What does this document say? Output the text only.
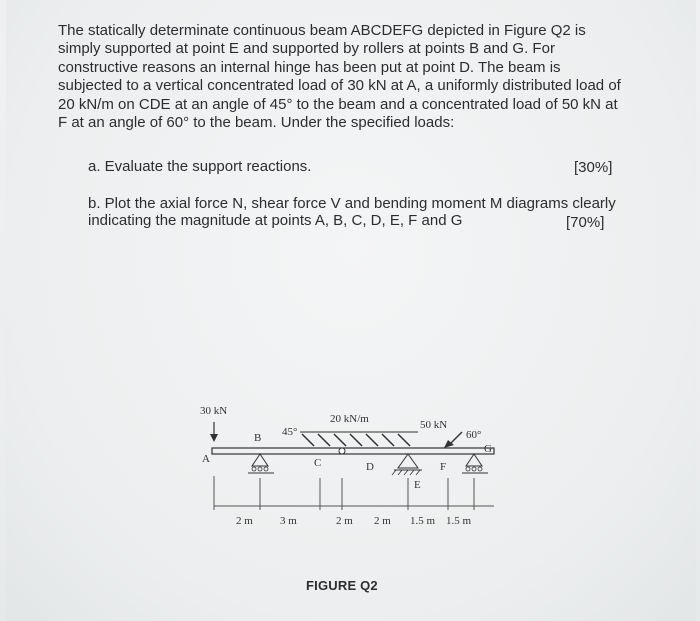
The statically determinate continuous beam ABCDEFG depicted in Figure Q2 is
simply supported at point E and supported by rollers at points B and G. For
constructive reasons an internal hinge has been put at point D. The beam is
subjected to a vertical concentrated load of 30 kN at A, a uniformly distributed load of
20 kN/m on CDE at an angle of 45° to the beam and a concentrated load of 50 kN at
F at an angle of 60° to the beam. Under the specified loads:
a. Evaluate the support reactions.	[30%]
b. Plot the axial force N, shear force V and bending moment M diagrams clearly
indicating the magnitude at points A, B, C, D, E, F and G	[70%]
30 kN
20 kN/m
45°
A
B
C	D
E
F
G
50 kN
60°
2 m 3 m	2 m 2 m 1.5 m 1.5 m
FIGURE Q2
